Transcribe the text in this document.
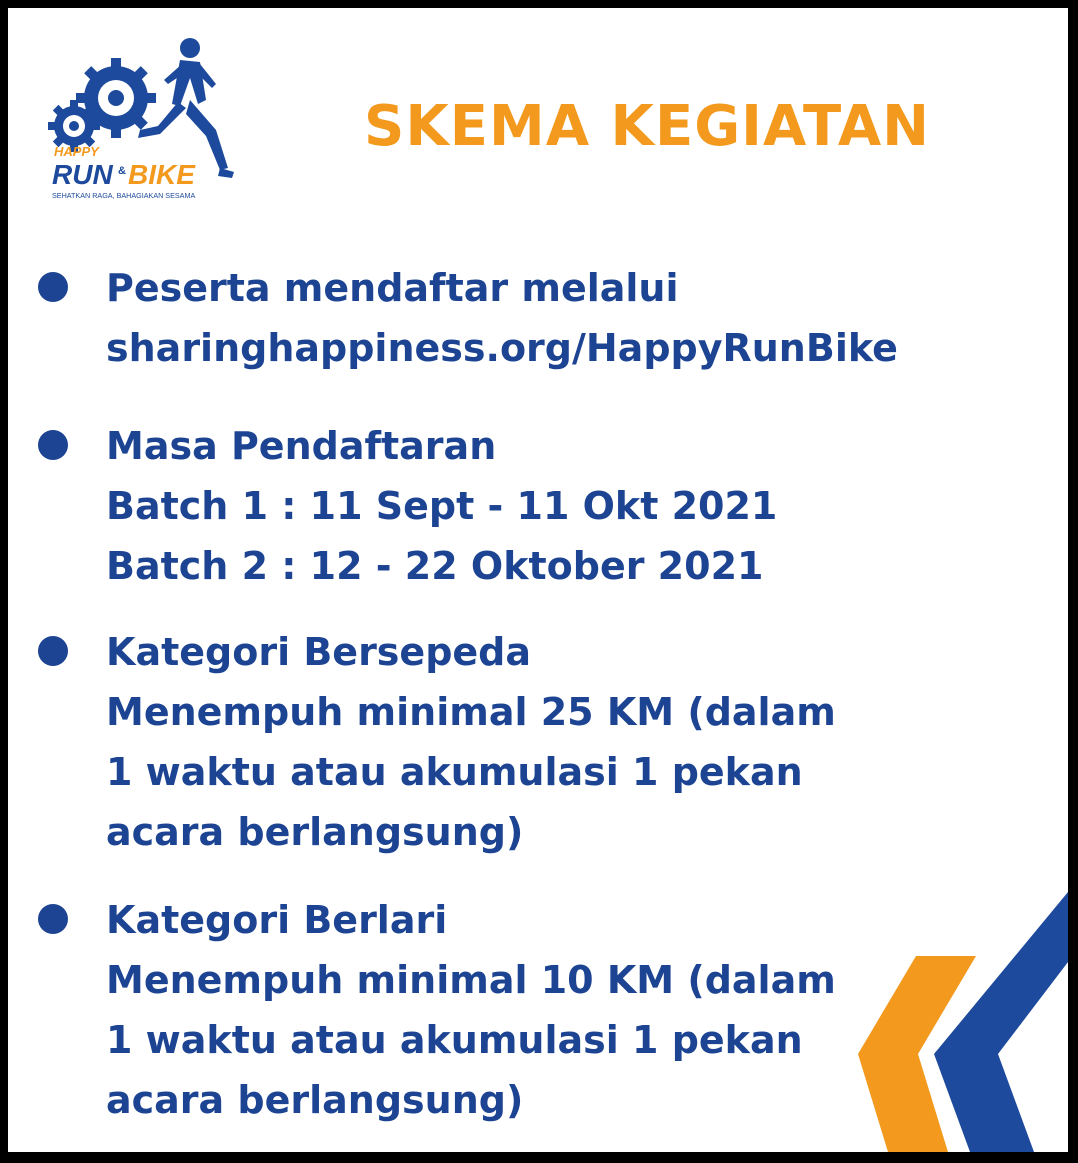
HAPPY
RUN & BIKE
SEHATKAN RAGA, BAHAGIAKAN SESAMA
SKEMA KEGIATAN
Peserta mendaftar melalui
sharinghappiness.org/HappyRunBike
Masa Pendaftaran
Batch 1 : 11 Sept - 11 Okt 2021
Batch 2 : 12 - 22 Oktober 2021
Kategori Bersepeda
Menempuh minimal 25 KM (dalam
1 waktu atau akumulasi 1 pekan
acara berlangsung)
Kategori Berlari
Menempuh minimal 10 KM (dalam
1 waktu atau akumulasi 1 pekan
acara berlangsung)
